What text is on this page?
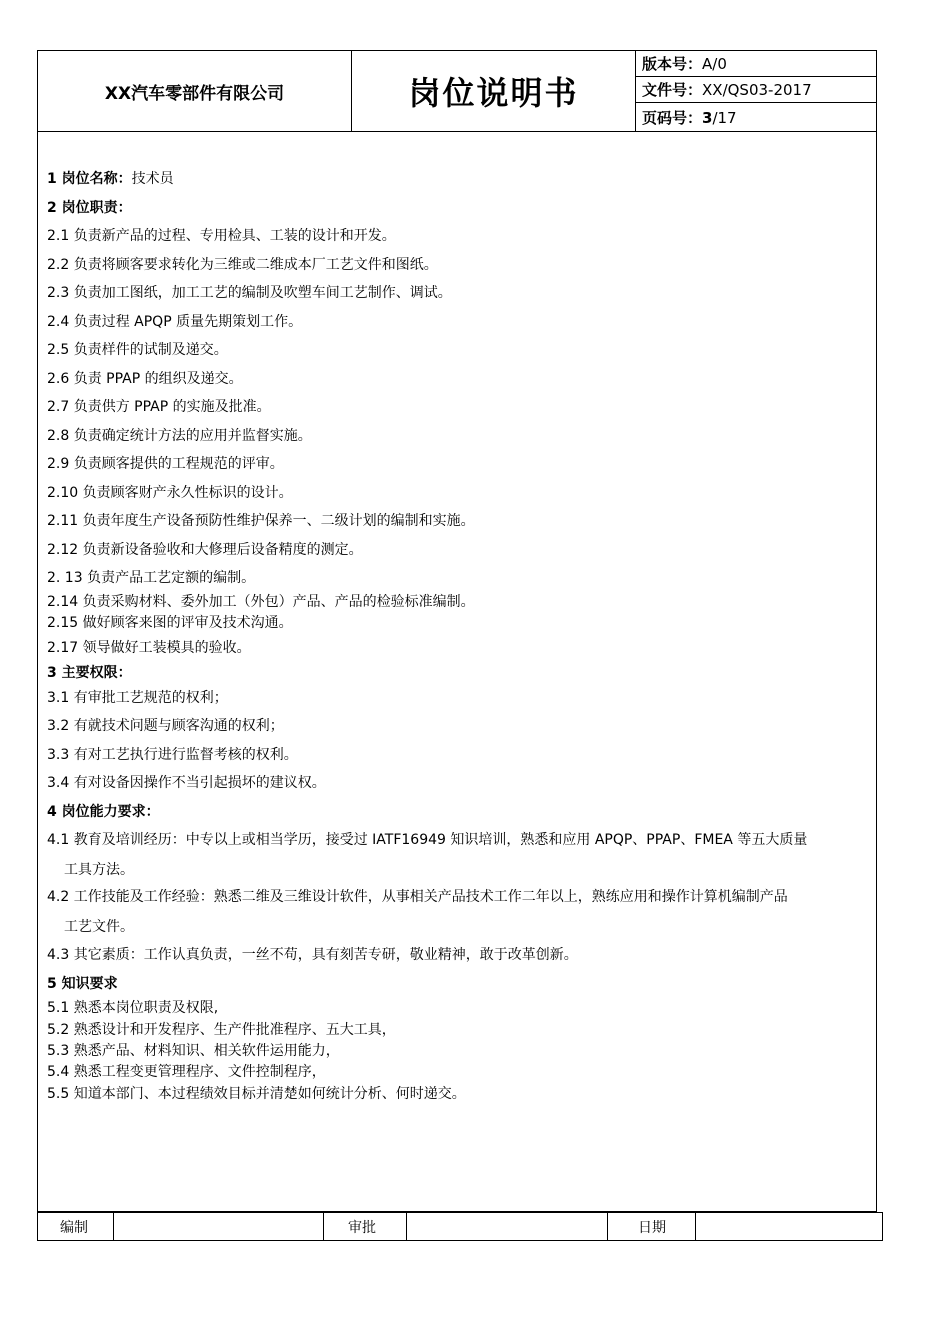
XX汽车零部件有限公司	岗位说明书
版本号： A/0
文件号： XX/QS03-2017
页码号： 3 /17
1 岗位名称：技术员
2 岗位职责：
2.1 负责新产品的过程、专用检具、工装的设计和开发。
2.2 负责将顾客要求转化为三维或二维成本厂工艺文件和图纸。
2.3 负责加工图纸，加工工艺的编制及吹塑车间工艺制作、调试。
2.4 负责过程 APQP 质量先期策划工作。
2.5 负责样件的试制及递交。
2.6 负责 PPAP 的组织及递交。
2.7 负责供方 PPAP 的实施及批准。
2.8 负责确定统计方法的应用并监督实施。
2.9 负责顾客提供的工程规范的评审。
2.10 负责顾客财产永久性标识的设计。
2.11 负责年度生产设备预防性维护保养一、二级计划的编制和实施。
2.12 负责新设备验收和大修理后设备精度的测定。
2. 13 负责产品工艺定额的编制。
2.14 负责采购材料、委外加工（外包）产品、产品的检验标准编制。
2.15 做好顾客来图的评审及技术沟通。
2.17 领导做好工装模具的验收。
3 主要权限：
3.1 有审批工艺规范的权利；
3.2 有就技术问题与顾客沟通的权利；
3.3 有对工艺执行进行监督考核的权利。
3.4 有对设备因操作不当引起损坏的建议权。
4 岗位能力要求：
4.1 教育及培训经历：中专以上或相当学历，接受过 IATF16949 知识培训，熟悉和应用 APQP、PPAP、FMEA 等五大质量
工具方法。
4.2 工作技能及工作经验：熟悉二维及三维设计软件，从事相关产品技术工作二年以上，熟练应用和操作计算机编制产品
工艺文件。
4.3 其它素质：工作认真负责，一丝不苟，具有刻苦专研，敬业精神，敢于改革创新。
5 知识要求
5.1 熟悉本岗位职责及权限,
5.2 熟悉设计和开发程序、生产件批准程序、五大工具，
5.3 熟悉产品、材料知识、相关软件运用能力，
5.4 熟悉工程变更管理程序、文件控制程序，
5.5 知道本部门、本过程绩效目标并清楚如何统计分析、何时递交。
编制	审批	日期
